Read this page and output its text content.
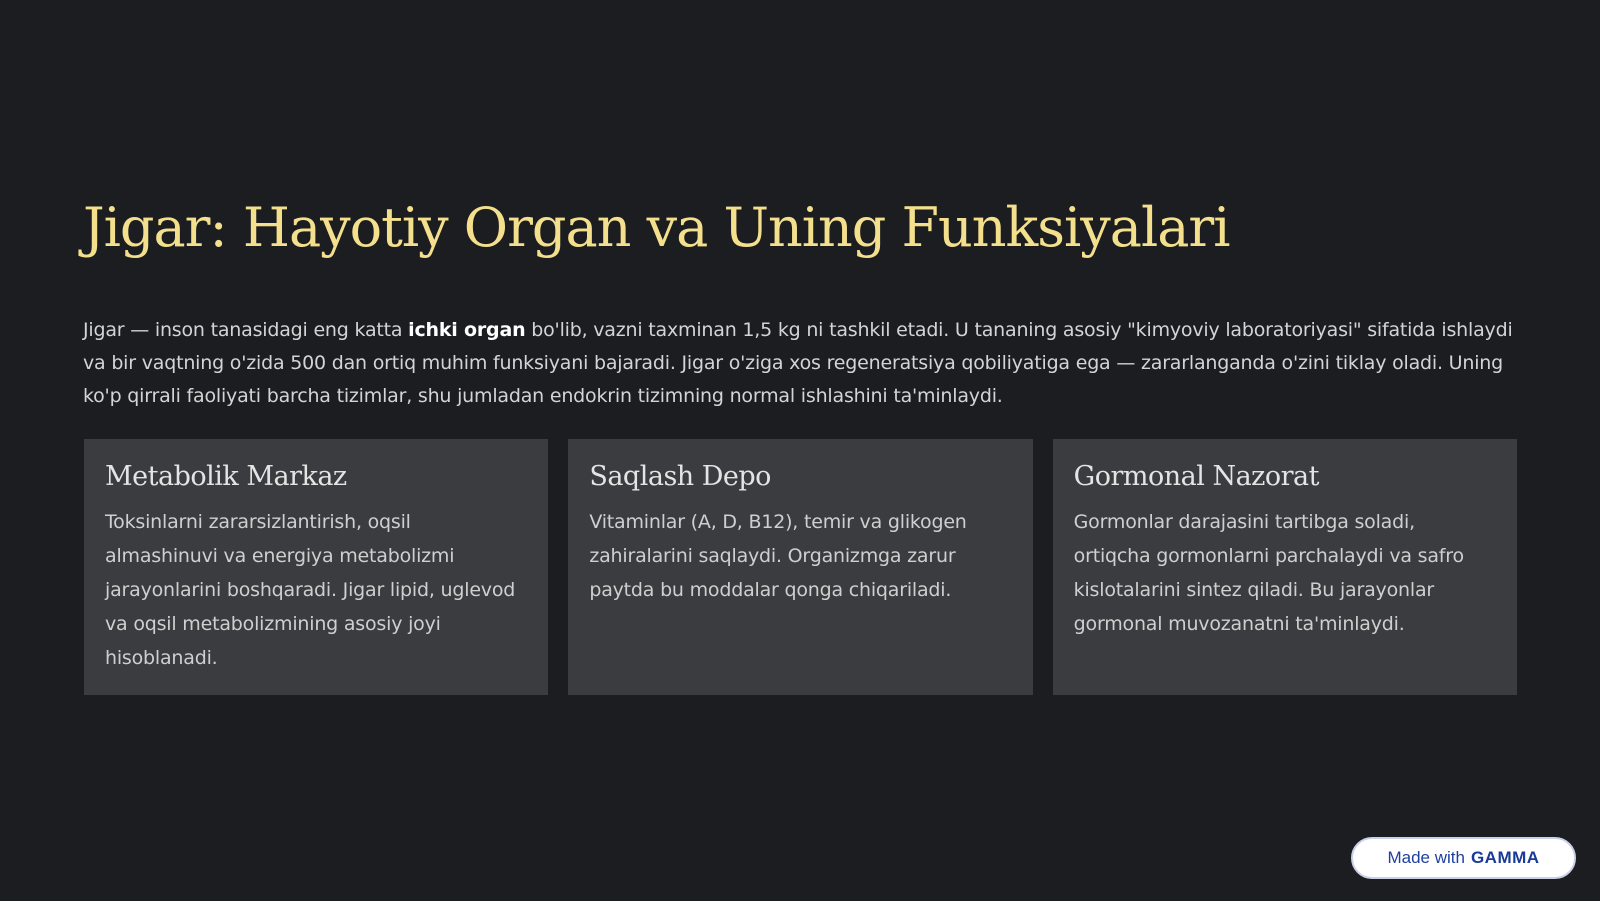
Jigar: Hayotiy Organ va Uning Funksiyalari

Jigar — inson tanasidagi eng katta ichki organ bo'lib, vazni taxminan 1,5 kg ni tashkil etadi. U tananing asosiy "kimyoviy laboratoriyasi" sifatida ishlaydi va bir vaqtning o'zida 500 dan ortiq muhim funksiyani bajaradi. Jigar o'ziga xos regeneratsiya qobiliyatiga ega — zararlanganda o'zini tiklay oladi. Uning ko'p qirrali faoliyati barcha tizimlar, shu jumladan endokrin tizimning normal ishlashini ta'minlaydi.

Metabolik Markaz

Toksinlarni zararsizlantirish, oqsil almashinuvi va energiya metabolizmi jarayonlarini boshqaradi. Jigar lipid, uglevod va oqsil metabolizmining asosiy joyi hisoblanadi.

Saqlash Depo

Vitaminlar (A, D, B12), temir va glikogen zahiralarini saqlaydi. Organizmga zarur paytda bu moddalar qonga chiqariladi.

Gormonal Nazorat

Gormonlar darajasini tartibga soladi, ortiqcha gormonlarni parchalaydi va safro kislotalarini sintez qiladi. Bu jarayonlar gormonal muvozanatni ta'minlaydi.

Made with GAMMA
